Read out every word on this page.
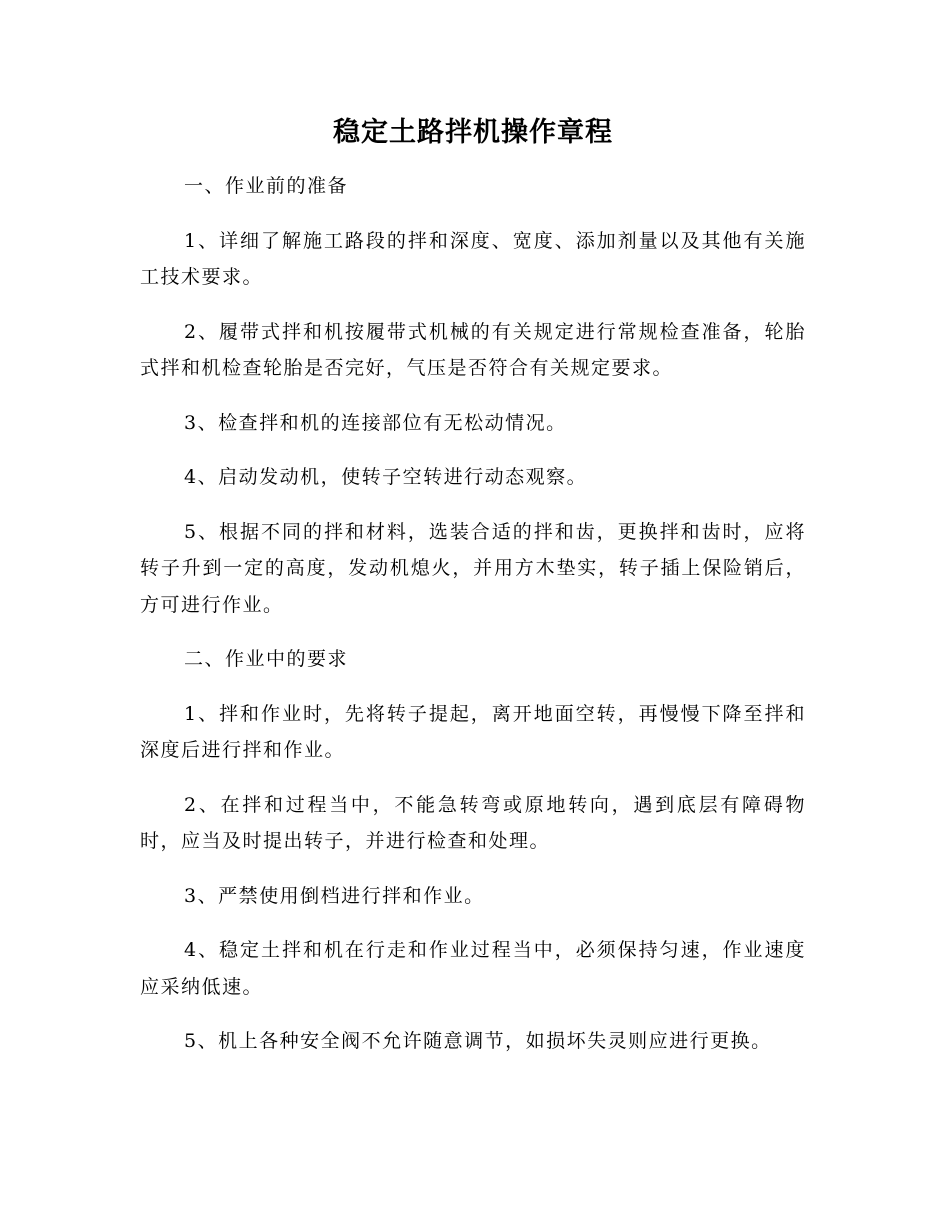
稳定土路拌机操作章程

一、作业前的准备

1、详细了解施工路段的拌和深度、宽度、添加剂量以及其他有关施工技术要求。

2、履带式拌和机按履带式机械的有关规定进行常规检查准备，轮胎式拌和机检查轮胎是否完好，气压是否符合有关规定要求。

3、检查拌和机的连接部位有无松动情况。

4、启动发动机，使转子空转进行动态观察。

5、根据不同的拌和材料，选装合适的拌和齿，更换拌和齿时，应将转子升到一定的高度，发动机熄火，并用方木垫实，转子插上保险销后，方可进行作业。

二、作业中的要求

1、拌和作业时，先将转子提起，离开地面空转，再慢慢下降至拌和深度后进行拌和作业。

2、在拌和过程当中，不能急转弯或原地转向，遇到底层有障碍物时，应当及时提出转子，并进行检查和处理。

3、严禁使用倒档进行拌和作业。

4、稳定土拌和机在行走和作业过程当中，必须保持匀速，作业速度应采纳低速。

5、机上各种安全阀不允许随意调节，如损坏失灵则应进行更换。
